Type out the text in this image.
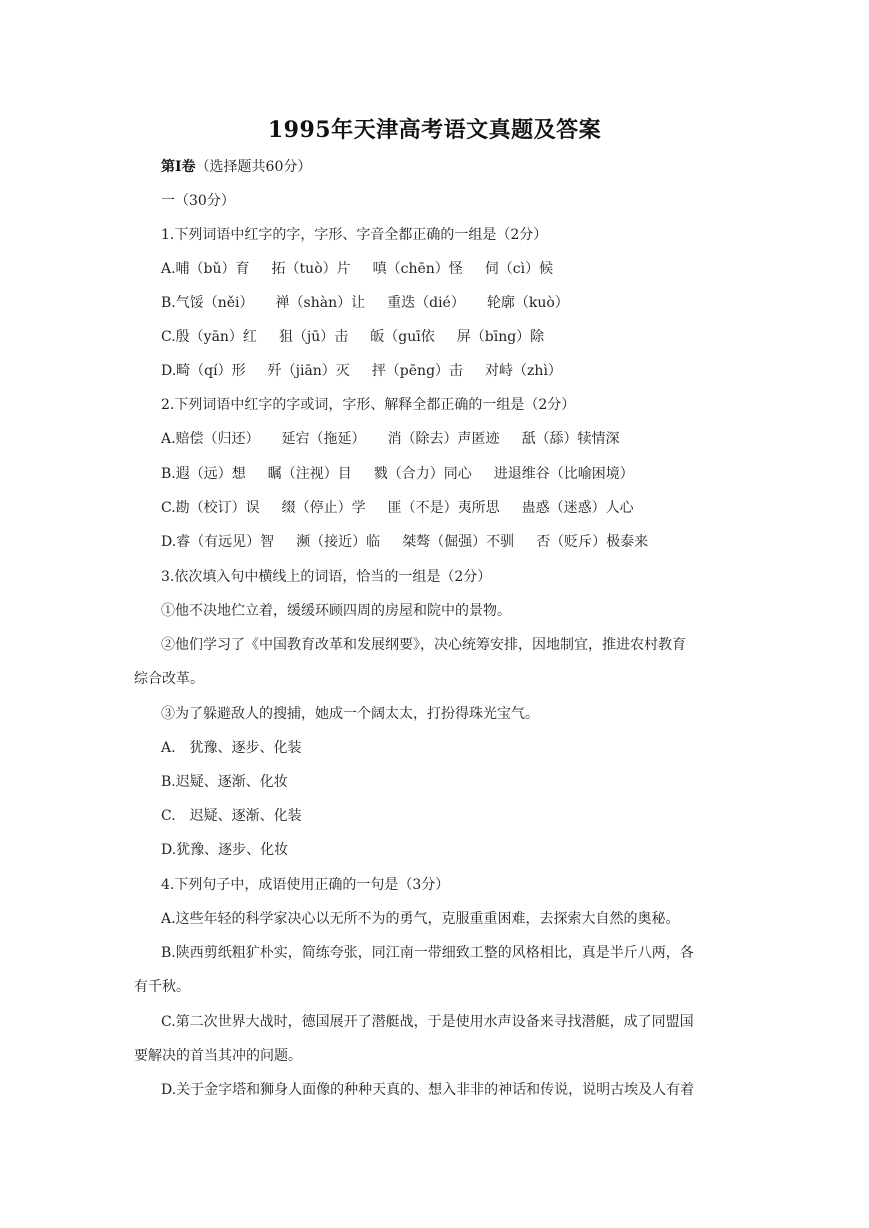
1995年天津高考语文真题及答案
第Ⅰ卷（选择题共60分）
一（30分）
1.下列词语中红字的字，字形、字音全都正确的一组是（2分）
A.哺（bǔ）育 拓（tuò）片 嗔（chēn）怪 伺（cì）候
B.气馁（něi） 禅（shàn）让 重迭（dié） 轮廓（kuò）
C.殷（yān）红 狙（jū）击 皈（guī依 屏（bīng）除
D.畸（qí）形 歼（jiān）灭 抨（pēng）击 对峙（zhì）
2.下列词语中红字的字或词，字形、解释全都正确的一组是（2分）
A.赔偿（归还） 延宕（拖延） 消（除去）声匿迹 舐（舔）犊情深
B.遐（远）想 瞩（注视）目 戮（合力）同心 进退维谷（比喻困境）
C.勘（校订）误 缀（停止）学 匪（不是）夷所思 蛊惑（迷惑）人心
D.睿（有远见）智 濒（接近）临 桀骜（倔强）不驯 否（贬斥）极泰来
3.依次填入句中横线上的词语，恰当的一组是（2分）
①他不决地伫立着，缓缓环顾四周的房屋和院中的景物。
②他们学习了《中国教育改革和发展纲要》，决心统筹安排，因地制宜，推进农村教育
综合改革。
③为了躲避敌人的搜捕，她成一个阔太太，打扮得珠光宝气。
A.　犹豫、逐步、化装
B.迟疑、逐渐、化妆
C.　迟疑、逐渐、化装
D.犹豫、逐步、化妆
4.下列句子中，成语使用正确的一句是（3分）
A.这些年轻的科学家决心以无所不为的勇气，克服重重困难，去探索大自然的奥秘。
B.陕西剪纸粗犷朴实，简练夸张，同江南一带细致工整的风格相比，真是半斤八两，各
有千秋。
C.第二次世界大战时，德国展开了潜艇战，于是使用水声设备来寻找潜艇，成了同盟国
要解决的首当其冲的问题。
D.关于金字塔和狮身人面像的种种天真的、想入非非的神话和传说，说明古埃及人有着
